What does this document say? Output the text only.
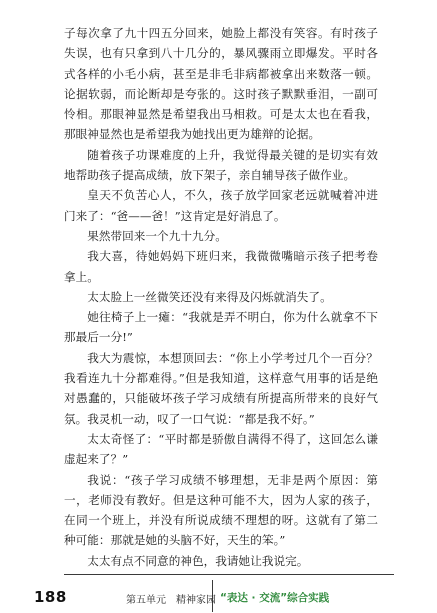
子每次拿了九十四五分回来，她脸上都没有笑容。有时孩子失误，也有只拿到八十几分的，暴风骤雨立即爆发。平时各式各样的小毛小病，甚至是非毛非病都被拿出来数落一顿。论据软弱，而论断却是夸张的。这时孩子默默垂泪，一副可怜相。那眼神显然是希望我出马相救。可是太太也在看我，那眼神显然也是希望我为她找出更为雄辩的论据。

随着孩子功课难度的上升，我觉得最关键的是切实有效地帮助孩子提高成绩，放下架子，亲自辅导孩子做作业。

皇天不负苦心人，不久，孩子放学回家老远就喊着冲进门来了：“爸——爸！”这肯定是好消息了。

果然带回来一个九十九分。

我大喜，待她妈妈下班归来，我微微嘴暗示孩子把考卷拿上。

太太脸上一丝微笑还没有来得及闪烁就消失了。

她往椅子上一瘫：“我就是弄不明白，你为什么就拿不下那最后一分!”

我大为震惊，本想顶回去：“你上小学考过几个一百分？我看连九十分都难得。”但是我知道，这样意气用事的话是绝对愚蠢的，只能破坏孩子学习成绩有所提高所带来的良好气氛。我灵机一动，叹了一口气说：“都是我不好。”

太太奇怪了：“平时都是骄傲自满得不得了，这回怎么谦虚起来了？”

我说：“孩子学习成绩不够理想，无非是两个原因：第一，老师没有教好。但是这种可能不大，因为人家的孩子，在同一个班上，并没有所说成绩不理想的呀。这就有了第二种可能：那就是她的头脑不好，天生的笨。”

太太有点不同意的神色，我请她让我说完。

188	第五单元　精神家园 “表达 · 交流”综合实践
